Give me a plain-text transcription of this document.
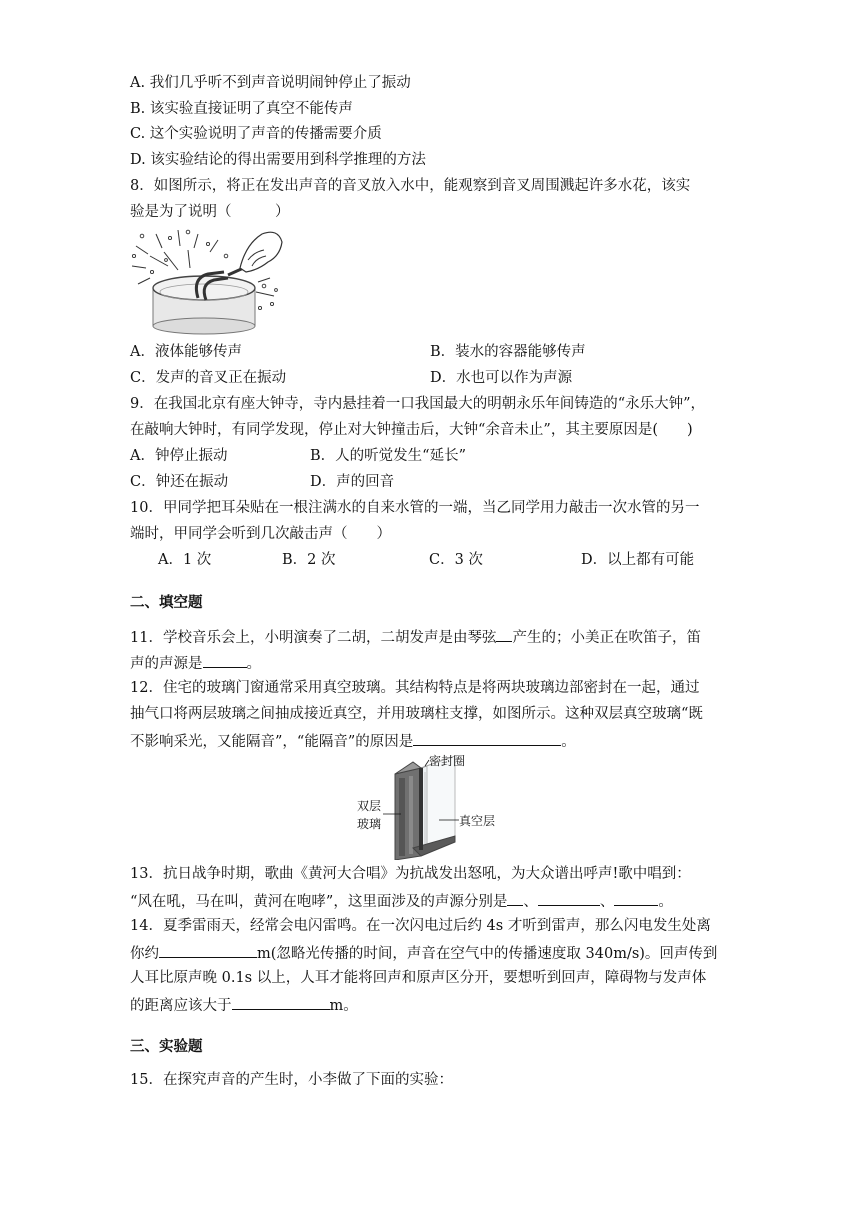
A. 我们几乎听不到声音说明闹钟停止了振动
B. 该实验直接证明了真空不能传声
C. 这个实验说明了声音的传播需要介质
D. 该实验结论的得出需要用到科学推理的方法
8．如图所示，将正在发出声音的音叉放入水中，能观察到音叉周围溅起许多水花，该实
验是为了说明（　　　）
A．液体能够传声	B．装水的容器能够传声
C．发声的音叉正在振动	D．水也可以作为声源
9．在我国北京有座大钟寺，寺内悬挂着一口我国最大的明朝永乐年间铸造的“永乐大钟”，
在敲响大钟时，有同学发现，停止对大钟撞击后，大钟“余音未止”，其主要原因是(　　)
A．钟停止振动	B．人的听觉发生“延长”
C．钟还在振动	D．声的回音
10．甲同学把耳朵贴在一根注满水的自来水管的一端，当乙同学用力敲击一次水管的另一
端时，甲同学会听到几次敲击声（　　）
A．1 次	B．2 次	C．3 次	D．以上都有可能
二、填空题
11．学校音乐会上，小明演奏了二胡，二胡发声是由琴弦 产生的；小美正在吹笛子，笛
声的声源是	。
12．住宅的玻璃门窗通常采用真空玻璃。其结构特点是将两块玻璃边部密封在一起，通过
抽气口将两层玻璃之间抽成接近真空，并用玻璃柱支撑，如图所示。这种双层真空玻璃“既
不影响采光，又能隔音”，“能隔音”的原因是	。
密封圈
双层
玻璃	真空层
13．抗日战争时期，歌曲《黄河大合唱》为抗战发出怒吼，为大众谱出呼声!歌中唱到：
“风在吼，马在叫，黄河在咆哮”，这里面涉及的声源分别是 、	、	。
14．夏季雷雨天，经常会电闪雷鸣。在一次闪电过后约 4s 才听到雷声，那么闪电发生处离
你约	m(忽略光传播的时间，声音在空气中的传播速度取 340m/s)。回声传到
人耳比原声晚 0.1s 以上，人耳才能将回声和原声区分开，要想听到回声，障碍物与发声体
的距离应该大于	m。
三、实验题
15．在探究声音的产生时，小李做了下面的实验：
